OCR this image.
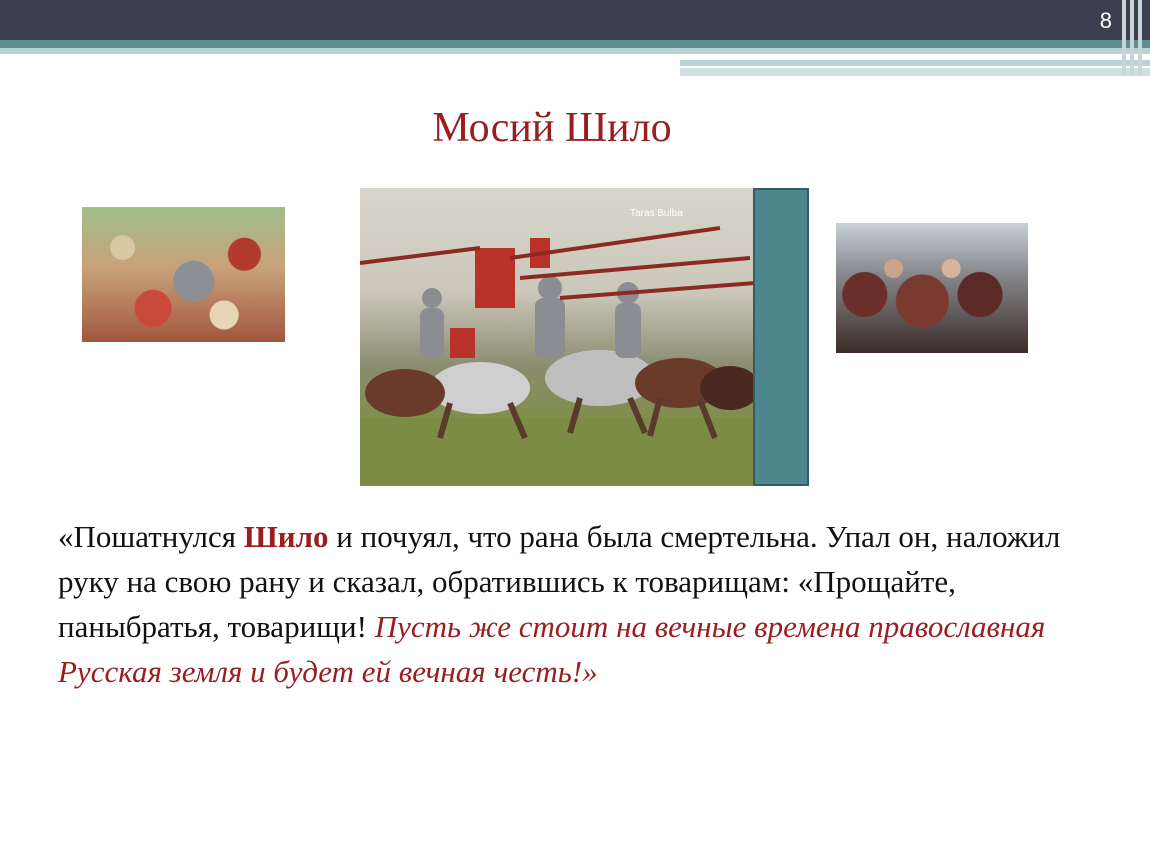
8
Мосий Шило
Taras Bulba
«Пошатнулся Шило и почуял, что рана была смертельна. Упал он, наложил руку на свою рану и сказал, обратившись к товарищам: «Прощайте, паныбратья, товарищи! Пусть же стоит на вечные времена православная Русская земля и будет ей вечная честь!»
